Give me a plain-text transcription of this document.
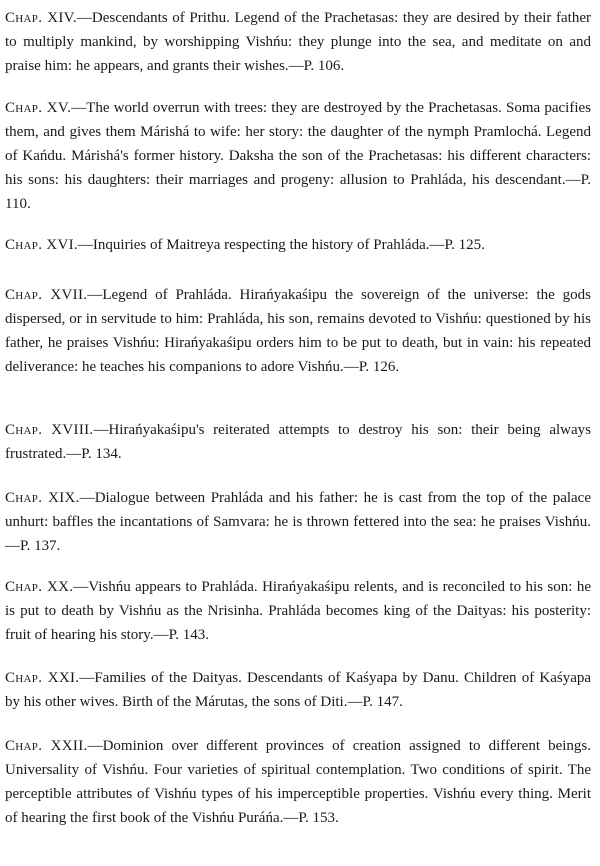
Chap. XIV.—Descendants of Prithu. Legend of the Prachetasas: they are desired by their father to multiply mankind, by worshipping Vishńu: they plunge into the sea, and meditate on and praise him: he appears, and grants their wishes.—P. 106.

Chap. XV.—The world overrun with trees: they are destroyed by the Prachetasas. Soma pacifies them, and gives them Márishá to wife: her story: the daughter of the nymph Pramlochá. Legend of Kańdu. Márishá's former history. Daksha the son of the Prachetasas: his different characters: his sons: his daughters: their marriages and progeny: allusion to Prahláda, his descendant.—P. 110.

Chap. XVI.—Inquiries of Maitreya respecting the history of Prahláda.—P. 125.

Chap. XVII.—Legend of Prahláda. Hirańyakaśipu the sovereign of the universe: the gods dispersed, or in servitude to him: Prahláda, his son, remains devoted to Vishńu: questioned by his father, he praises Vishńu: Hirańyakaśipu orders him to be put to death, but in vain: his repeated deliverance: he teaches his companions to adore Vishńu.—P. 126.

Chap. XVIII.—Hirańyakaśipu's reiterated attempts to destroy his son: their being always frustrated.—P. 134.

Chap. XIX.—Dialogue between Prahláda and his father: he is cast from the top of the palace unhurt: baffles the incantations of Samvara: he is thrown fettered into the sea: he praises Vishńu.—P. 137.

Chap. XX.—Vishńu appears to Prahláda. Hirańyakaśipu relents, and is reconciled to his son: he is put to death by Vishńu as the Nrisinha. Prahláda becomes king of the Daityas: his posterity: fruit of hearing his story.—P. 143.

Chap. XXI.—Families of the Daityas. Descendants of Kaśyapa by Danu. Children of Kaśyapa by his other wives. Birth of the Márutas, the sons of Diti.—P. 147.

Chap. XXII.—Dominion over different provinces of creation assigned to different beings. Universality of Vishńu. Four varieties of spiritual contemplation. Two conditions of spirit. The perceptible attributes of Vishńu types of his imperceptible properties. Vishńu every thing. Merit of hearing the first book of the Vishńu Puráńa.—P. 153.
